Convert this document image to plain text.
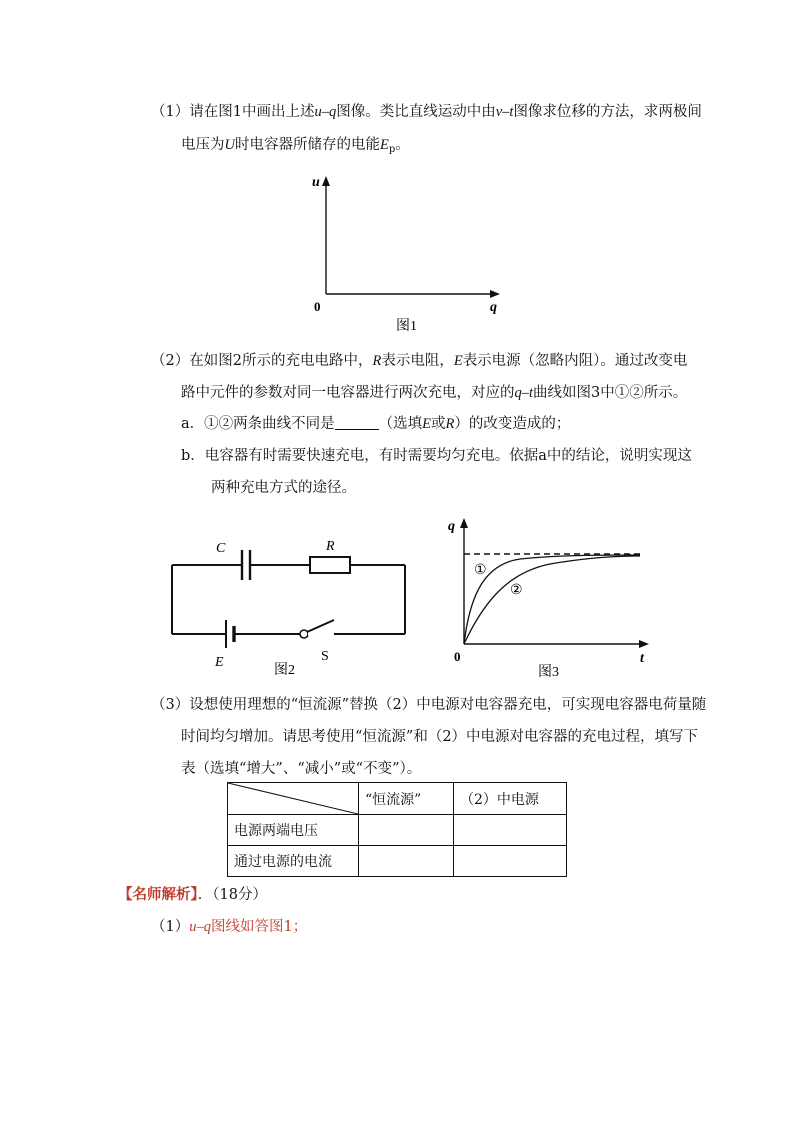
（1）请在图1中画出上述u–q图像。类比直线运动中由v–t图像求位移的方法，求两极间
电压为U时电容器所储存的电能$E_p$。
u
q
0
图1
（2）在如图2所示的充电电路中，R表示电阻，E表示电源（忽略内阻）。通过改变电
路中元件的参数对同一电容器进行两次充电，对应的q–t曲线如图3中①②所示。
a．①②两条曲线不同是	（选填E或R）的改变造成的；
b．电容器有时需要快速充电，有时需要均匀充电。依据a中的结论，说明实现这
两种充电方式的途径。
C	R
E	S
图2
①
②
q
t
0
图3
（3）设想使用理想的“恒流源”替换（2）中电源对电容器充电，可实现电容器电荷量随
时间均匀增加。请思考使用“恒流源”和（2）中电源对电容器的充电过程，填写下
表（选填“增大”、“减小”或“不变”）。
	“恒流源”	（2）中电源
电源两端电压		
通过电源的电流		
【名师解析】．（18分）
（1）u–q图线如答图1；
